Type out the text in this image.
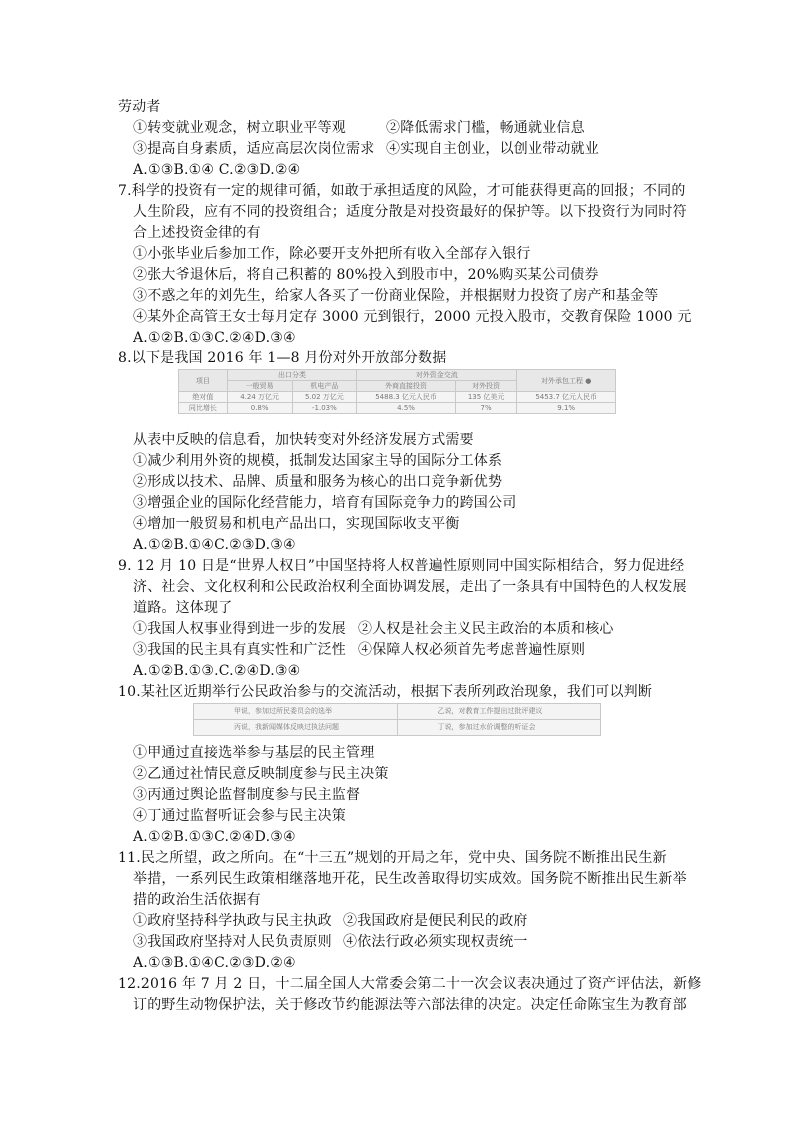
劳动者
①转变就业观念，树立职业平等观	②降低需求门槛，畅通就业信息
③提高自身素质，适应高层次岗位需求 ④实现自主创业，以创业带动就业
A.①③B.①④ C.②③D.②④
7.科学的投资有一定的规律可循，如敢于承担适度的风险，才可能获得更高的回报；不同的
人生阶段，应有不同的投资组合；适度分散是对投资最好的保护等。以下投资行为同时符
合上述投资金律的有
①小张毕业后参加工作，除必要开支外把所有收入全部存入银行
②张大爷退休后，将自己积蓄的 80%投入到股市中，20%购买某公司债券
③不惑之年的刘先生，给家人各买了一份商业保险，并根据财力投资了房产和基金等
④某外企高管王女士每月定存 3000 元到银行，2000 元投入股市，交教育保险 1000 元
A.①②B.①③C.②④D.③④
8.以下是我国 2016 年 1—8 月份对外开放部分数据
项目	出口分类		对外资金交流		对外承包工程 ●
	一般贸易	机电产品	外商直接投资	对外投资	
绝对值	4.24 万亿元	5.02 万亿元	5488.3 亿元人民币	135 亿美元	5453.7 亿元人民币
同比增长	0.8%	-1.03%	4.5%	7%	9.1%
从表中反映的信息看，加快转变对外经济发展方式需要
①减少利用外资的规模，抵制发达国家主导的国际分工体系
②形成以技术、品牌、质量和服务为核心的出口竞争新优势
③增强企业的国际化经营能力，培育有国际竞争力的跨国公司
④增加一般贸易和机电产品出口，实现国际收支平衡
A.①②B.①④C.②③D.③④
9. 12 月 10 日是“世界人权日”中国坚持将人权普遍性原则同中国实际相结合，努力促进经
济、社会、文化权利和公民政治权利全面协调发展，走出了一条具有中国特色的人权发展
道路。这体现了
①我国人权事业得到进一步的发展 ②人权是社会主义民主政治的本质和核心
③我国的民主具有真实性和广泛性 ④保障人权必须首先考虑普遍性原则
A.①②B.①③.C.②④D.③④
10.某社区近期举行公民政治参与的交流活动，根据下表所列政治现象，我们可以判断
甲说，参加过所民委员会的选举	乙说，对教育工作提出过批评建议
丙说，我新闻媒体反映过执法问题	丁说，参加过水价调整的听证会
①甲通过直接选举参与基层的民主管理
②乙通过社情民意反映制度参与民主决策
③丙通过舆论监督制度参与民主监督
④丁通过监督听证会参与民主决策
A.①②B.①③C.②④D.③④
11.民之所望，政之所向。在“十三五”规划的开局之年，党中央、国务院不断推出民生新
举措，一系列民生政策相继落地开花，民生改善取得切实成效。国务院不断推出民生新举
措的政治生活依据有
①政府坚持科学执政与民主执政 ②我国政府是便民利民的政府
③我国政府坚持对人民负责原则 ④依法行政必须实现权责统一
A.①③B.①④C.②③D.②④
12.2016 年 7 月 2 日，十二届全国人大常委会第二十一次会议表决通过了资产评估法，新修
订的野生动物保护法，关于修改节约能源法等六部法律的决定。决定任命陈宝生为教育部
